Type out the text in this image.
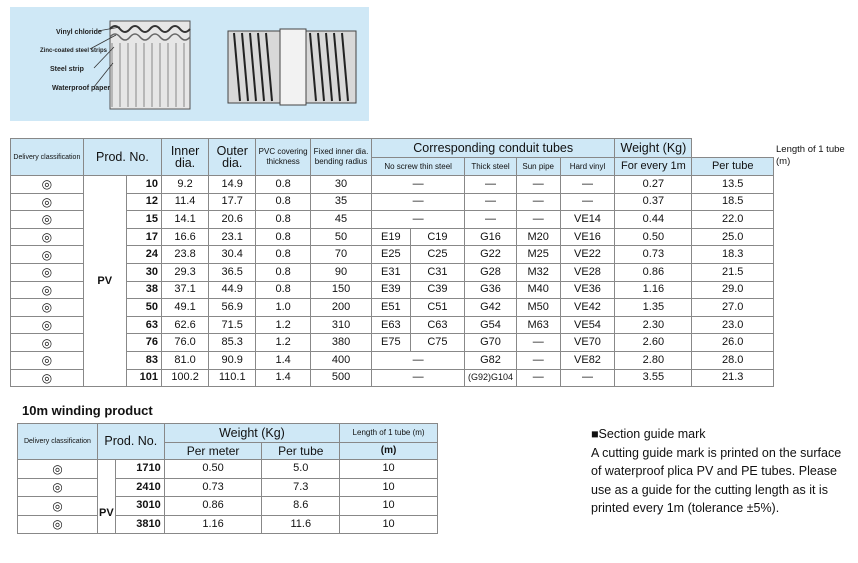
Vinyl chloride
Zinc-coated steel strips
Steel strip
Waterproof paper
Delivery classification	Prod. No.		Inner dia.	Outer dia.	PVC covering thickness	Fixed inner dia. bending radius	Corresponding conduit tubes					Weight (Kg)	
							No screw thin steel		Thick steel	Sun pipe	Hard vinyl	For every 1m	Per tube
◎	PV	10	9.2	14.9	0.8	30	—		—	—	—	0.27	13.5
◎		12	11.4	17.7	0.8	35	—		—	—	—	0.37	18.5
◎		15	14.1	20.6	0.8	45	—		—	—	VE14	0.44	22.0
◎		17	16.6	23.1	0.8	50	E19	C19	G16	M20	VE16	0.50	25.0
◎		24	23.8	30.4	0.8	70	E25	C25	G22	M25	VE22	0.73	18.3
◎		30	29.3	36.5	0.8	90	E31	C31	G28	M32	VE28	0.86	21.5
◎		38	37.1	44.9	0.8	150	E39	C39	G36	M40	VE36	1.16	29.0
◎		50	49.1	56.9	1.0	200	E51	C51	G42	M50	VE42	1.35	27.0
◎		63	62.6	71.5	1.2	310	E63	C63	G54	M63	VE54	2.30	23.0
◎		76	76.0	85.3	1.2	380	E75	C75	G70	—	VE70	2.60	26.0
◎		83	81.0	90.9	1.4	400	—		G82	—	VE82	2.80	28.0
◎		101	100.2	110.1	1.4	500	—		(G92)G104	—	—	3.55	21.3
Length of 1 tube (m)
10m winding product
Delivery classification	Prod. No.		Weight (Kg)		Length of 1 tube (m)
			Per meter	Per tube	(m)
◎	PV	1710	0.50	5.0	10
◎		2410	0.73	7.3	10
◎		3010	0.86	8.6	10
◎		3810	1.16	11.6	10
■Section guide mark
A cutting guide mark is printed on the surface of waterproof plica PV and PE tubes. Please use as a guide for the cutting length as it is printed every 1m (tolerance ±5%).
